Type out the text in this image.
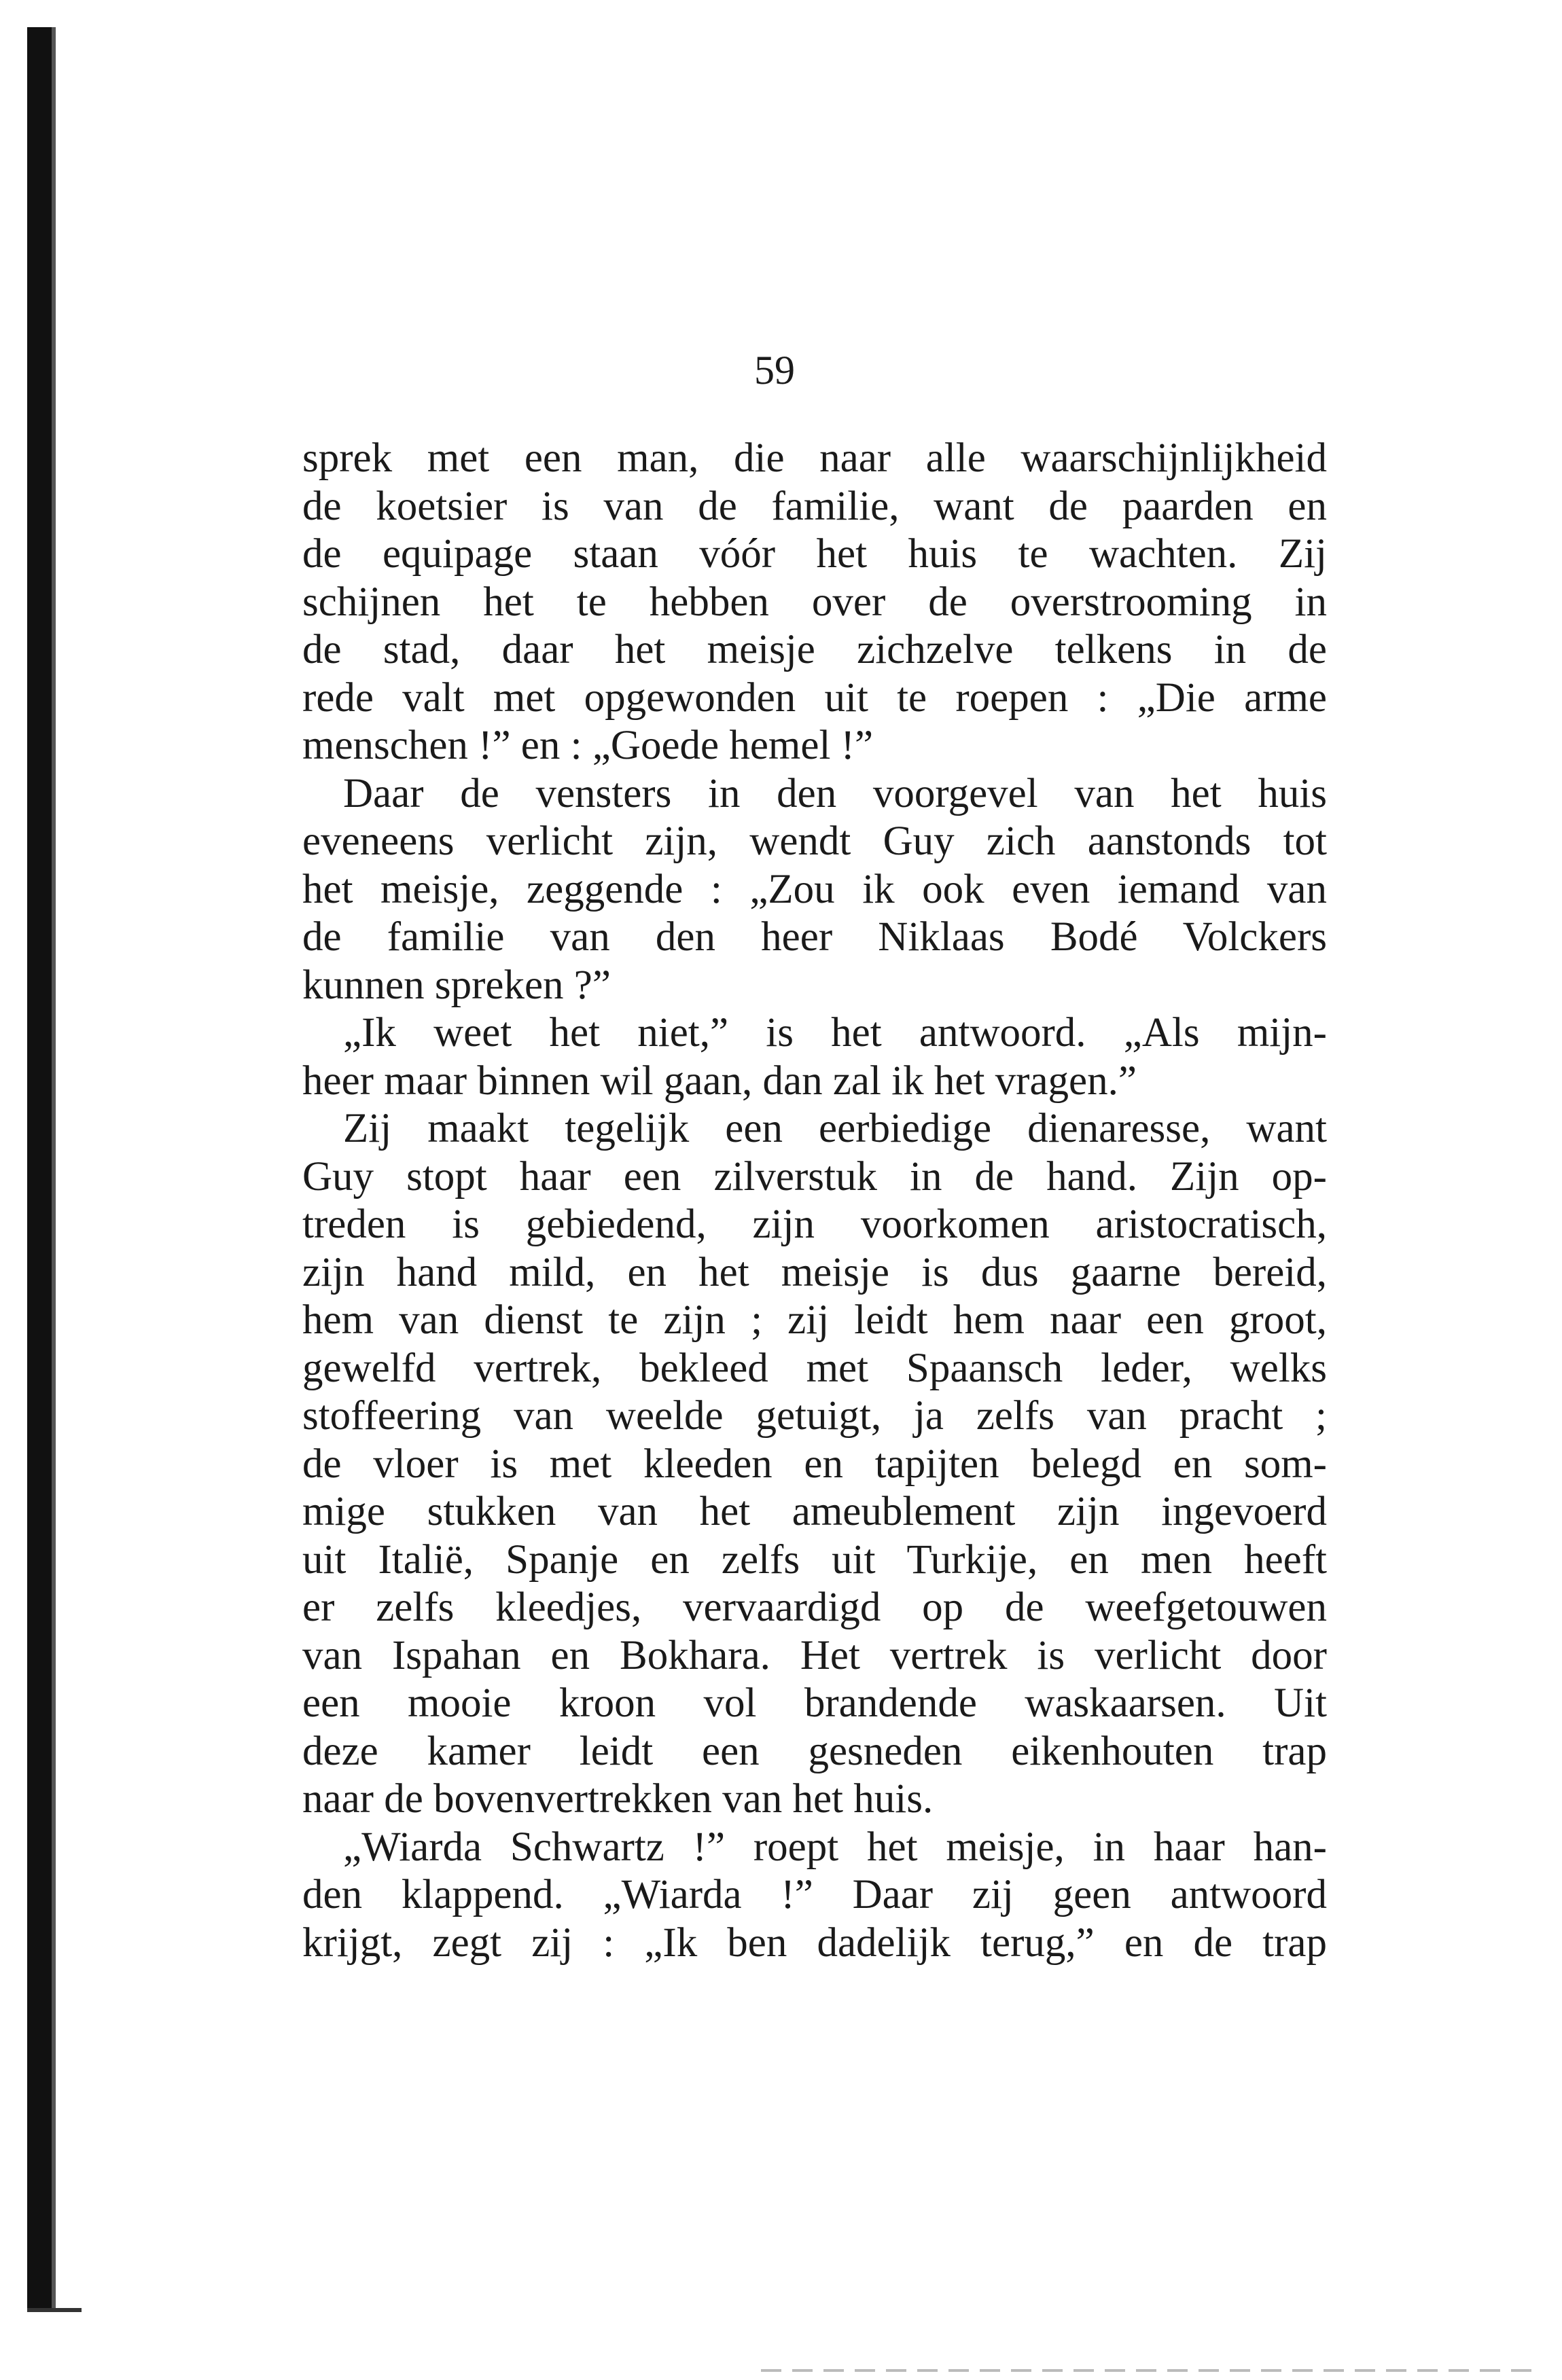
59

sprek met een man, die naar alle waarschijnlijkheid
de koetsier is van de familie, want de paarden en
de equipage staan vóór het huis te wachten. Zij
schijnen het te hebben over de overstrooming in
de stad, daar het meisje zichzelve telkens in de
rede valt met opgewonden uit te roepen : „Die arme
menschen !” en : „Goede hemel !”

Daar de vensters in den voorgevel van het huis
eveneens verlicht zijn, wendt Guy zich aanstonds tot
het meisje, zeggende : „Zou ik ook even iemand van
de familie van den heer Niklaas Bodé Volckers
kunnen spreken ?”

„Ik weet het niet,” is het antwoord. „Als mijn-
heer maar binnen wil gaan, dan zal ik het vragen.”

Zij maakt tegelijk een eerbiedige dienaresse, want
Guy stopt haar een zilverstuk in de hand. Zijn op-
treden is gebiedend, zijn voorkomen aristocratisch,
zijn hand mild, en het meisje is dus gaarne bereid,
hem van dienst te zijn ; zij leidt hem naar een groot,
gewelfd vertrek, bekleed met Spaansch leder, welks
stoffeering van weelde getuigt, ja zelfs van pracht ;
de vloer is met kleeden en tapijten belegd en som-
mige stukken van het ameublement zijn ingevoerd
uit Italië, Spanje en zelfs uit Turkije, en men heeft
er zelfs kleedjes, vervaardigd op de weefgetouwen
van Ispahan en Bokhara. Het vertrek is verlicht door
een mooie kroon vol brandende waskaarsen. Uit
deze kamer leidt een gesneden eikenhouten trap
naar de bovenvertrekken van het huis.

„Wiarda Schwartz !” roept het meisje, in haar han-
den klappend. „Wiarda !” Daar zij geen antwoord
krijgt, zegt zij : „Ik ben dadelijk terug,” en de trap
